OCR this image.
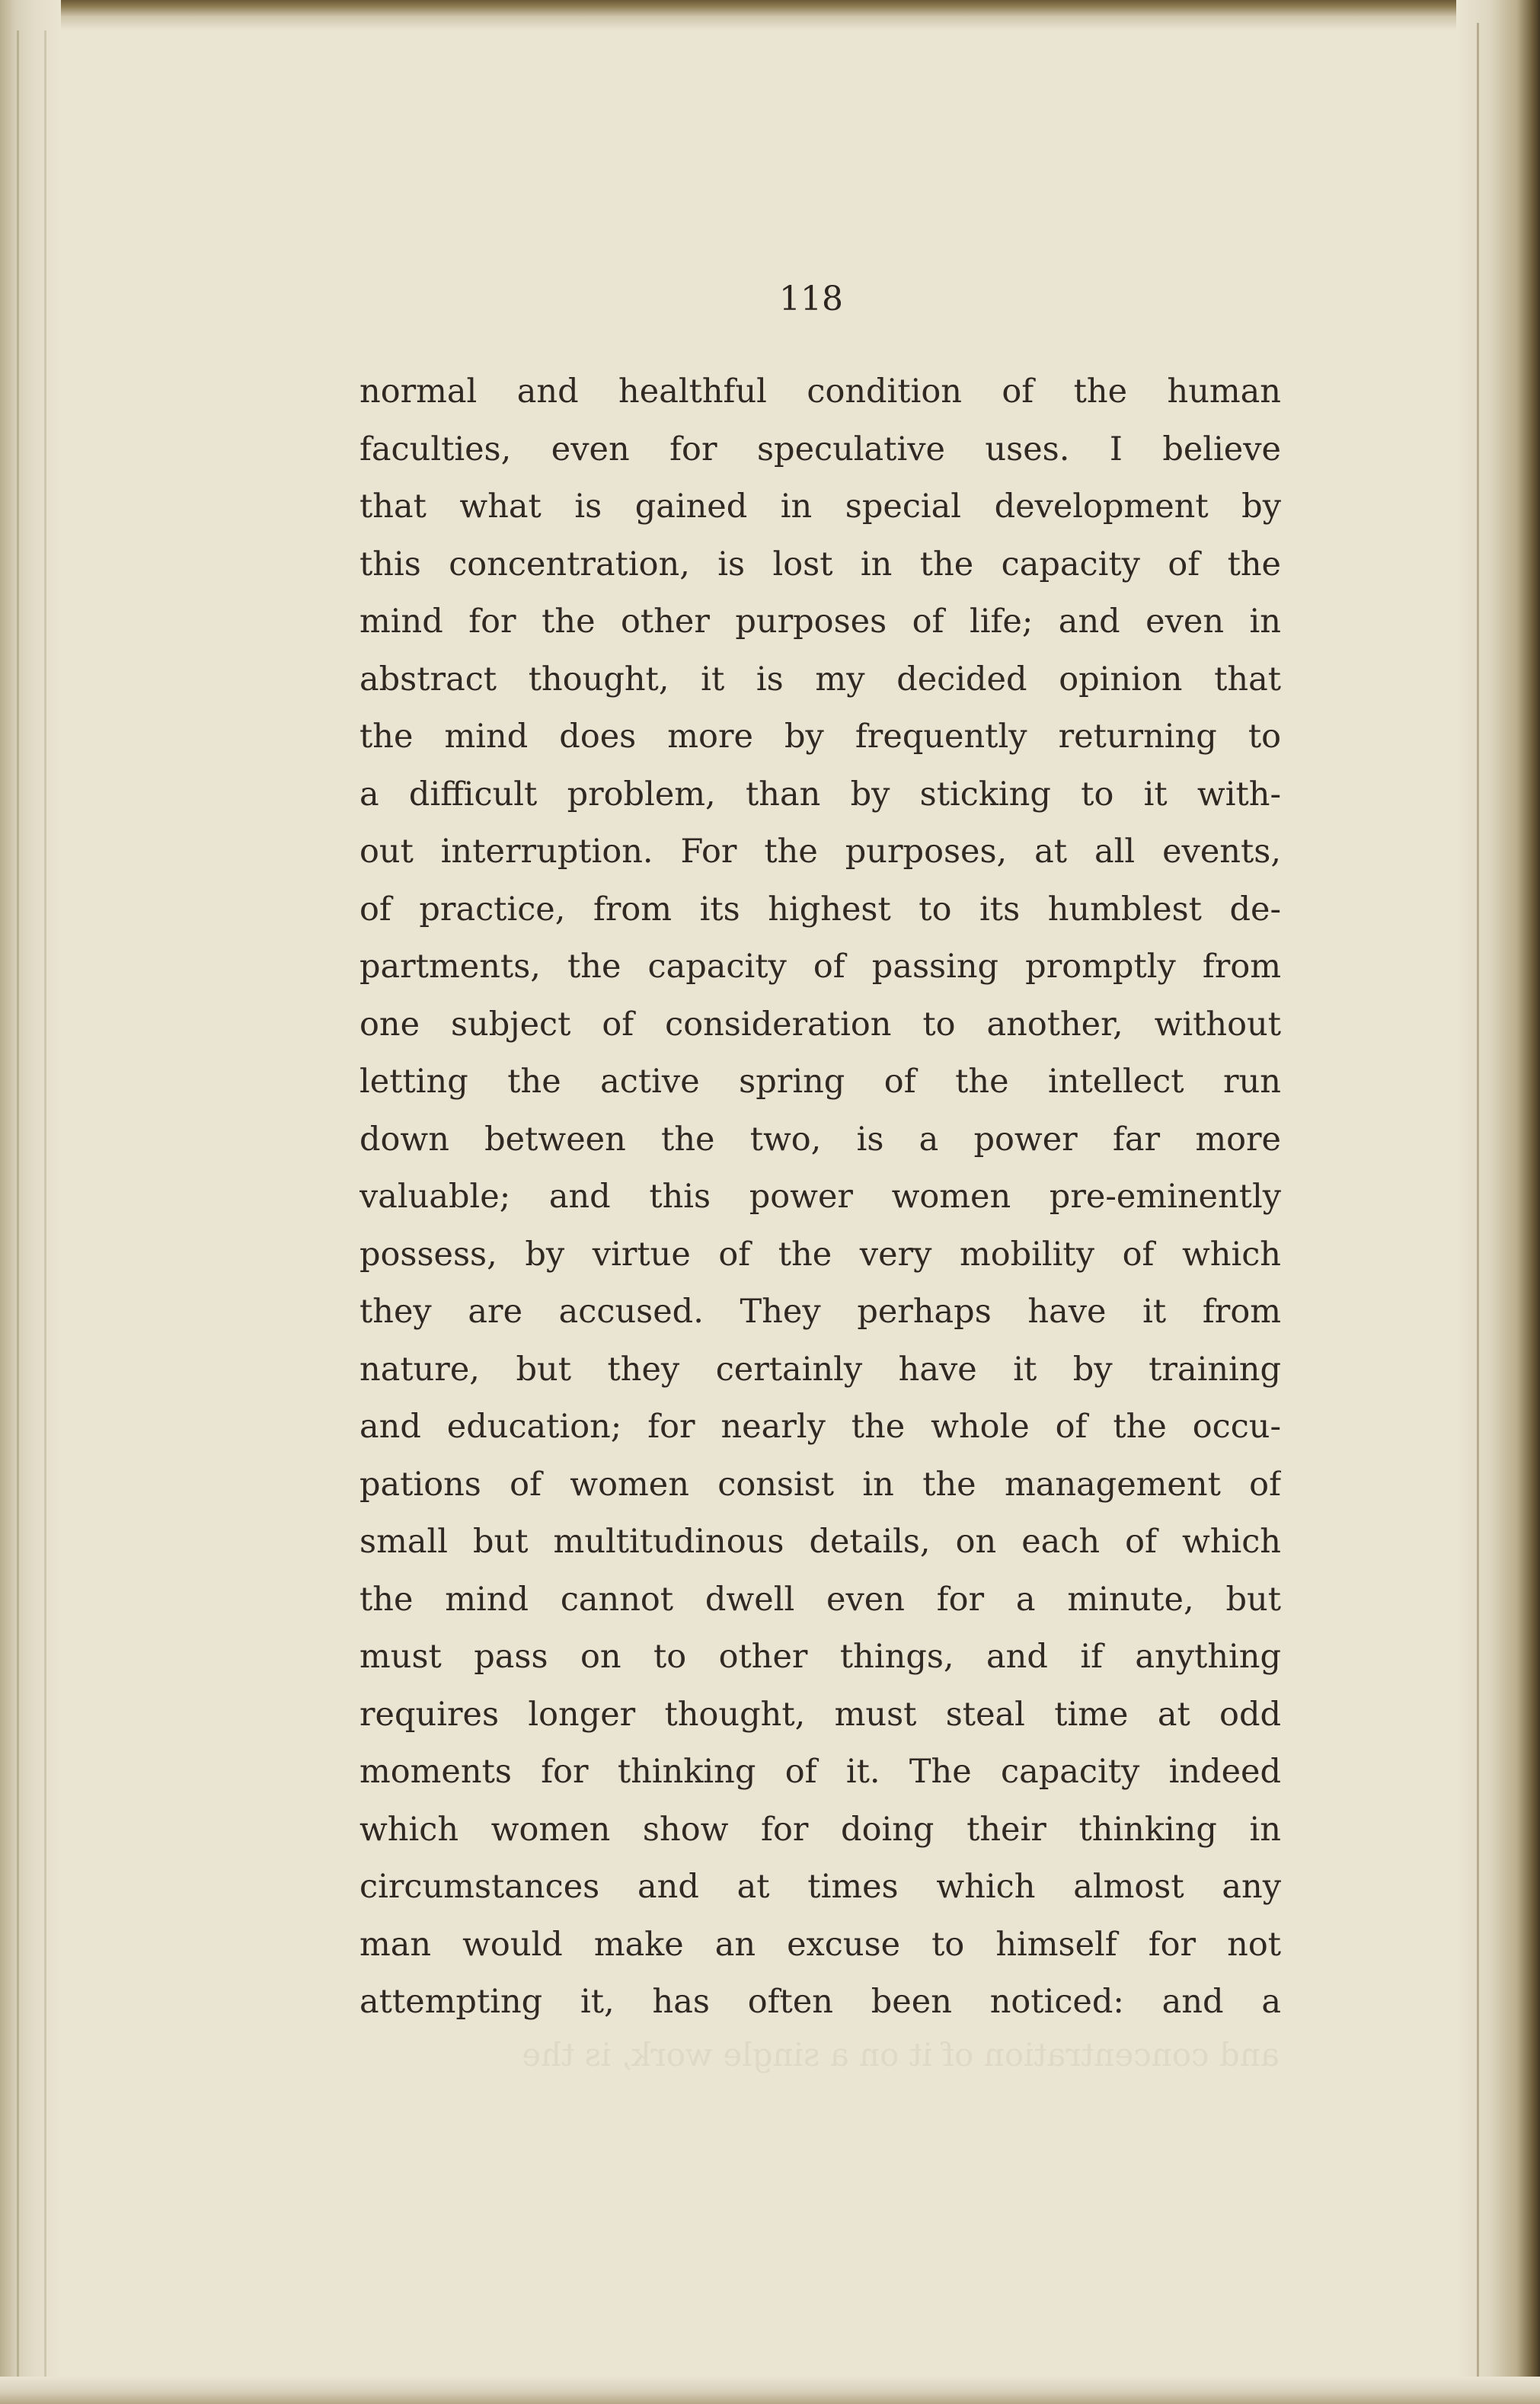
and concentration of it on a single work, is the
118
normal and healthful condition of the human
faculties, even for speculative uses. I believe
that what is gained in special development by
this concentration, is lost in the capacity of the
mind for the other purposes of life; and even in
abstract thought, it is my decided opinion that
the mind does more by frequently returning to
a difficult problem, than by sticking to it with-
out interruption. For the purposes, at all events,
of practice, from its highest to its humblest de-
partments, the capacity of passing promptly from
one subject of consideration to another, without
letting the active spring of the intellect run
down between the two, is a power far more
valuable; and this power women pre-eminently
possess, by virtue of the very mobility of which
they are accused. They perhaps have it from
nature, but they certainly have it by training
and education; for nearly the whole of the occu-
pations of women consist in the management of
small but multitudinous details, on each of which
the mind cannot dwell even for a minute, but
must pass on to other things, and if anything
requires longer thought, must steal time at odd
moments for thinking of it. The capacity indeed
which women show for doing their thinking in
circumstances and at times which almost any
man would make an excuse to himself for not
attempting it, has often been noticed: and a
